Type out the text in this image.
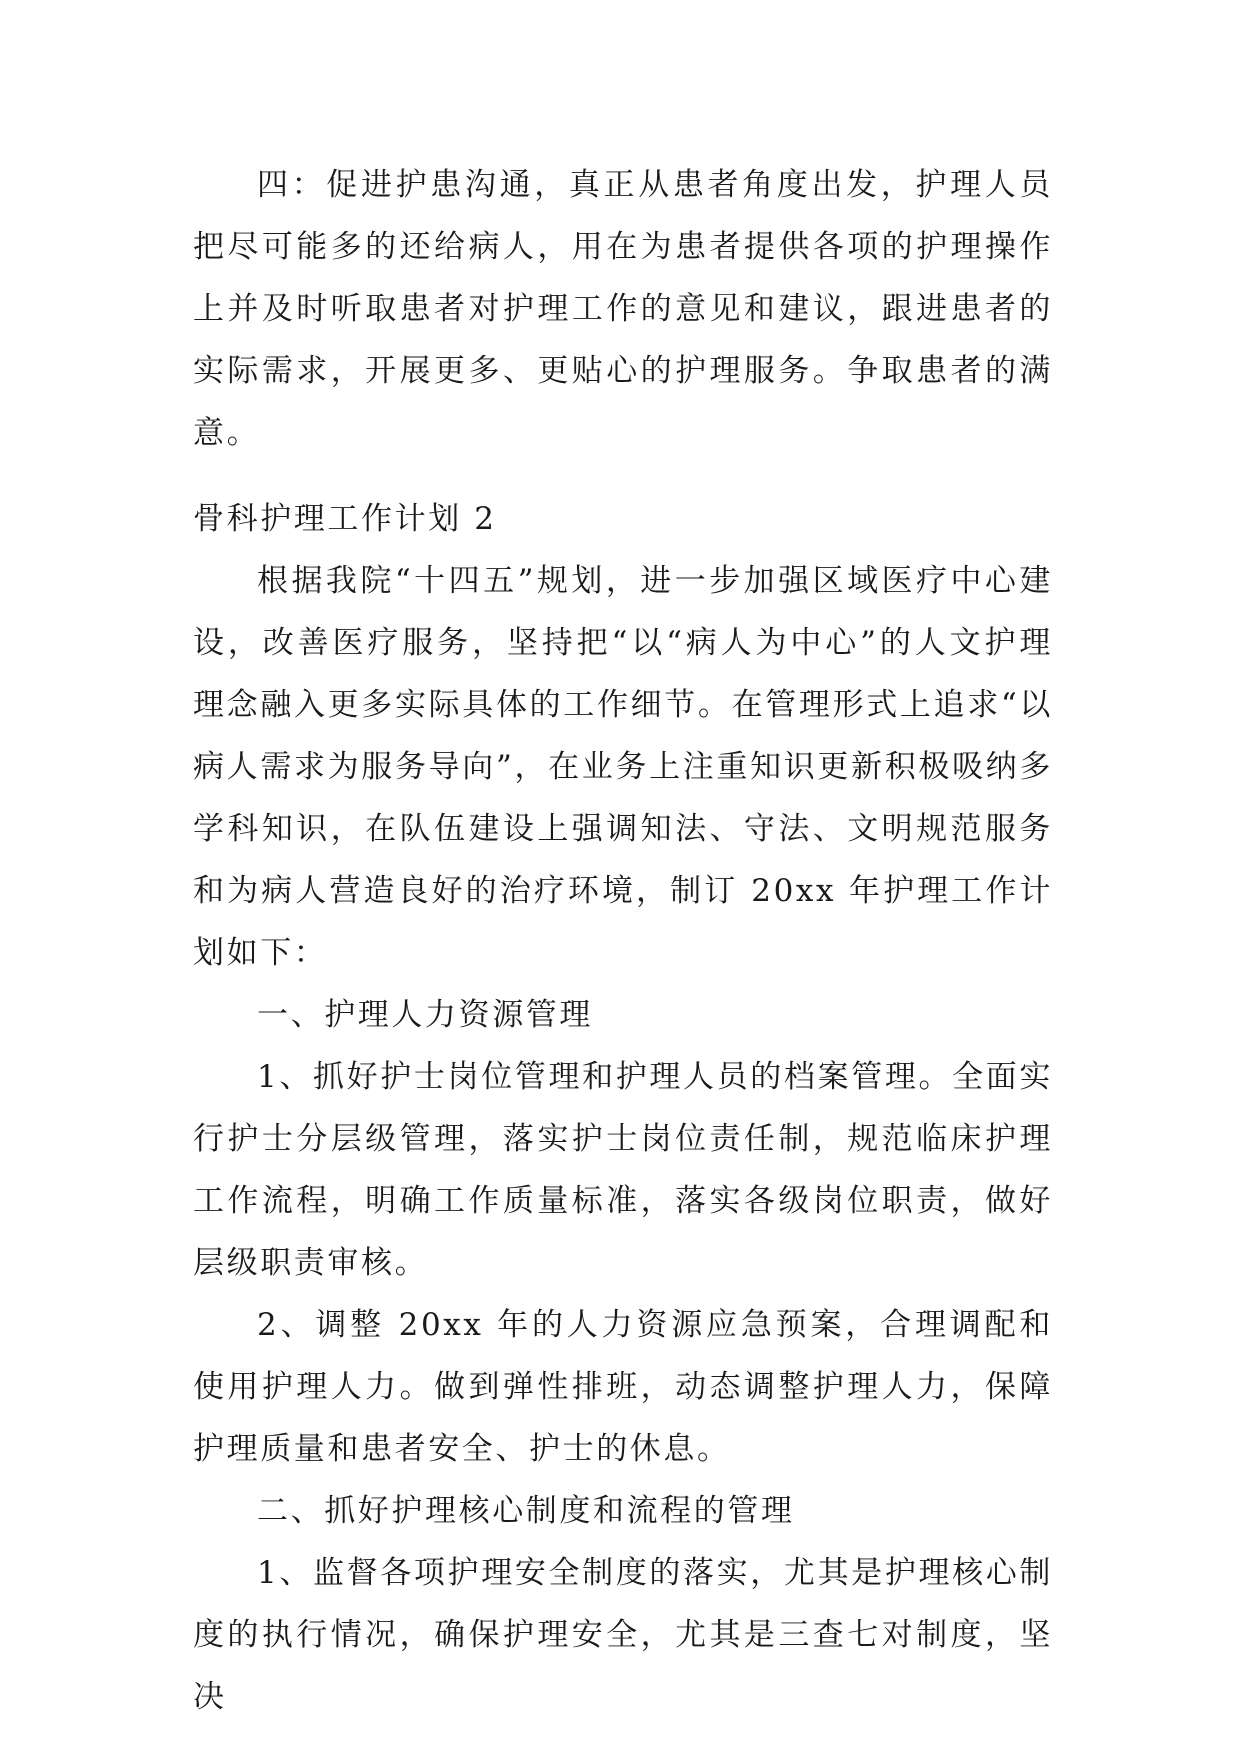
四：促进护患沟通，真正从患者角度出发，护理人员把尽可能多的还给病人，用在为患者提供各项的护理操作上并及时听取患者对护理工作的意见和建议，跟进患者的实际需求，开展更多、更贴心的护理服务。争取患者的满意。

骨科护理工作计划 2

根据我院“十四五”规划，进一步加强区域医疗中心建设，改善医疗服务，坚持把“以“病人为中心”的人文护理理念融入更多实际具体的工作细节。在管理形式上追求“以病人需求为服务导向”，在业务上注重知识更新积极吸纳多学科知识，在队伍建设上强调知法、守法、文明规范服务和为病人营造良好的治疗环境，制订 20xx 年护理工作计划如下：

一、护理人力资源管理

1、抓好护士岗位管理和护理人员的档案管理。全面实行护士分层级管理，落实护士岗位责任制，规范临床护理工作流程，明确工作质量标准，落实各级岗位职责，做好层级职责审核。

2、调整 20xx 年的人力资源应急预案，合理调配和使用护理人力。做到弹性排班，动态调整护理人力，保障护理质量和患者安全、护士的休息。

二、抓好护理核心制度和流程的管理

1、监督各项护理安全制度的落实，尤其是护理核心制度的执行情况，确保护理安全，尤其是三查七对制度，坚决
